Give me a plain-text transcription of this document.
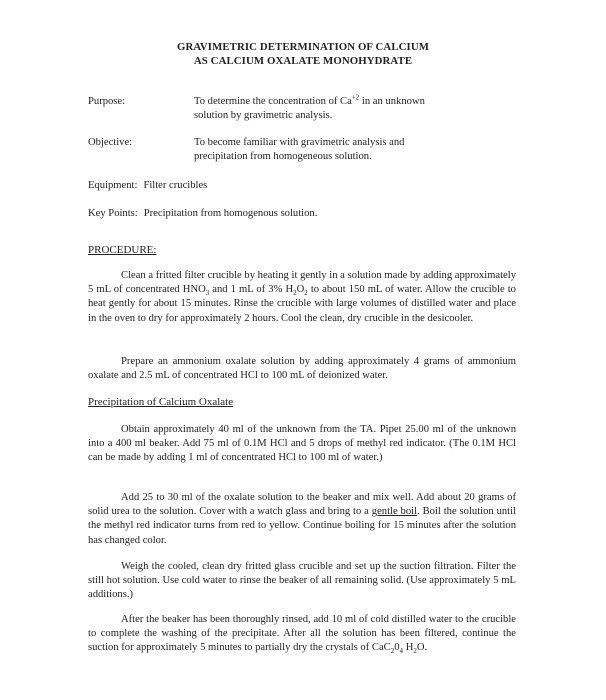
GRAVIMETRIC DETERMINATION OF CALCIUM
AS CALCIUM OXALATE MONOHYDRATE
Purpose:	To determine the concentration of $Ca^{+2}$ in an unknown
solution by gravimetric analysis.
Objective:	To become familiar with gravimetric analysis and
precipitation from homogeneous solution.
Equipment: Filter crucibles
Key Points: Precipitation from homogenous solution.
PROCEDURE:
Clean a fritted filter crucible by heating it gently in a solution made by adding approximately 5 mL of concentrated $HNO_3$ and 1 mL of 3% $H_2O_2$ to about 150 mL of water. Allow the crucible to heat gently for about 15 minutes. Rinse the crucible with large volumes of distilled water and place in the oven to dry for approximately 2 hours. Cool the clean, dry crucible in the desicooler.
Prepare an ammonium oxalate solution by adding approximately 4 grams of ammonium oxalate and 2.5 mL of concentrated HCl to 100 mL of deionized water.
Precipitation of Calcium Oxalate
Obtain approximately 40 ml of the unknown from the TA. Pipet 25.00 ml of the unknown into a 400 ml beaker. Add 75 ml of 0.1M HCl and 5 drops of methyl red indicator. (The 0.1M HCl can be made by adding 1 ml of concentrated HCl to 100 ml of water.)
Add 25 to 30 ml of the oxalate solution to the beaker and mix well. Add about 20 grams of solid urea to the solution. Cover with a watch glass and bring to a gentle boil. Boil the solution until the methyl red indicator turns from red to yellow. Continue boiling for 15 minutes after the solution has changed color.
Weigh the cooled, clean dry fritted glass crucible and set up the suction filtration. Filter the still hot solution. Use cold water to rinse the beaker of all remaining solid. (Use approximately 5 mL additions.)
After the beaker has been thoroughly rinsed, add 10 ml of cold distilled water to the crucible to complete the washing of the precipitate. After all the solution has been filtered, continue the suction for approximately 5 minutes to partially dry the crystals of $CaC_20_4$ $H_2O$.
